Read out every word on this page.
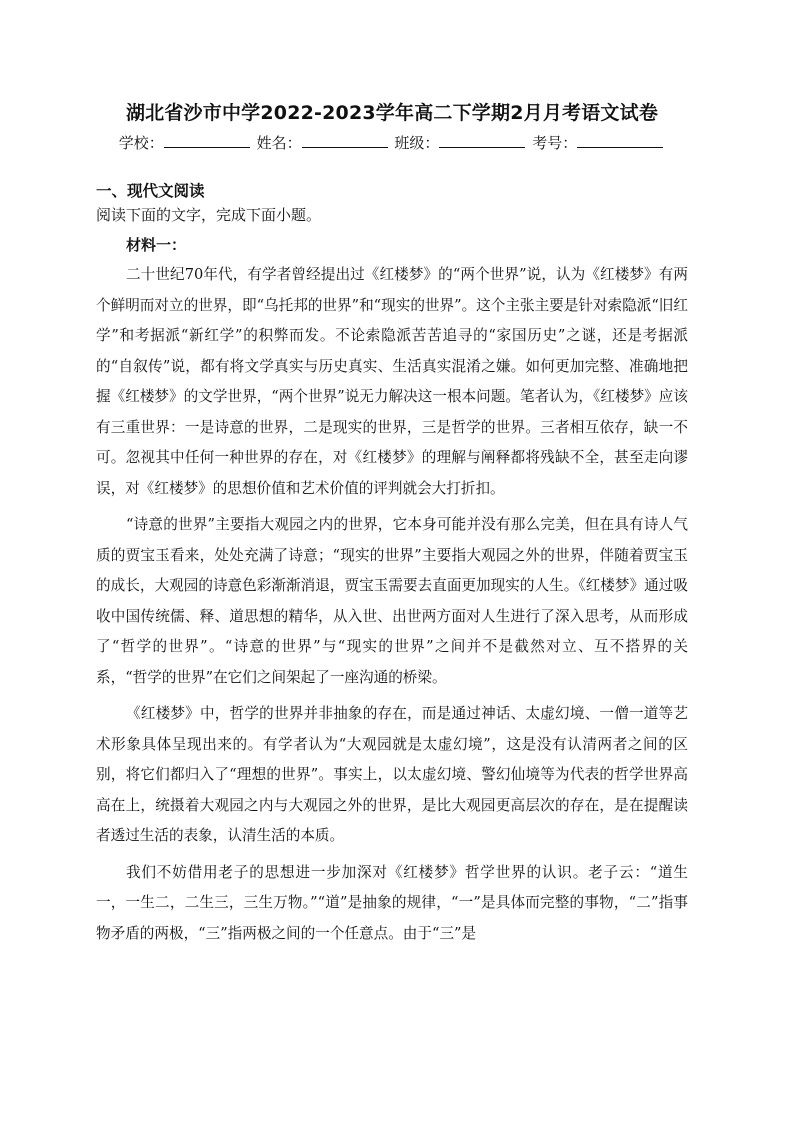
湖北省沙市中学2022-2023学年高二下学期2月月考语文试卷
学校：	姓名：	班级：	考号：
一、现代文阅读
阅读下面的文字，完成下面小题。
材料一：

二十世纪70年代，有学者曾经提出过《红楼梦》的“两个世界”说，认为《红楼梦》有两个鲜明而对立的世界，即“乌托邦的世界”和“现实的世界”。这个主张主要是针对索隐派“旧红学”和考据派“新红学”的积弊而发。不论索隐派苦苦追寻的“家国历史”之谜，还是考据派的“自叙传”说，都有将文学真实与历史真实、生活真实混淆之嫌。如何更加完整、准确地把握《红楼梦》的文学世界，“两个世界”说无力解决这一根本问题。笔者认为，《红楼梦》应该有三重世界：一是诗意的世界，二是现实的世界，三是哲学的世界。三者相互依存，缺一不可。忽视其中任何一种世界的存在，对《红楼梦》的理解与阐释都将残缺不全，甚至走向谬误，对《红楼梦》的思想价值和艺术价值的评判就会大打折扣。

“诗意的世界”主要指大观园之内的世界，它本身可能并没有那么完美，但在具有诗人气质的贾宝玉看来，处处充满了诗意；“现实的世界”主要指大观园之外的世界，伴随着贾宝玉的成长，大观园的诗意色彩渐渐消退，贾宝玉需要去直面更加现实的人生。《红楼梦》通过吸收中国传统儒、释、道思想的精华，从入世、出世两方面对人生进行了深入思考，从而形成了“哲学的世界”。“诗意的世界”与“现实的世界”之间并不是截然对立、互不搭界的关系，“哲学的世界”在它们之间架起了一座沟通的桥梁。

《红楼梦》中，哲学的世界并非抽象的存在，而是通过神话、太虚幻境、一僧一道等艺术形象具体呈现出来的。有学者认为“大观园就是太虚幻境”，这是没有认清两者之间的区别，将它们都归入了“理想的世界”。事实上，以太虚幻境、警幻仙境等为代表的哲学世界高高在上，统摄着大观园之内与大观园之外的世界，是比大观园更高层次的存在，是在提醒读者透过生活的表象，认清生活的本质。

我们不妨借用老子的思想进一步加深对《红楼梦》哲学世界的认识。老子云：“道生一，一生二，二生三，三生万物。”“道”是抽象的规律，“一”是具体而完整的事物，“二”指事物矛盾的两极，“三”指两极之间的一个任意点。由于“三”是
